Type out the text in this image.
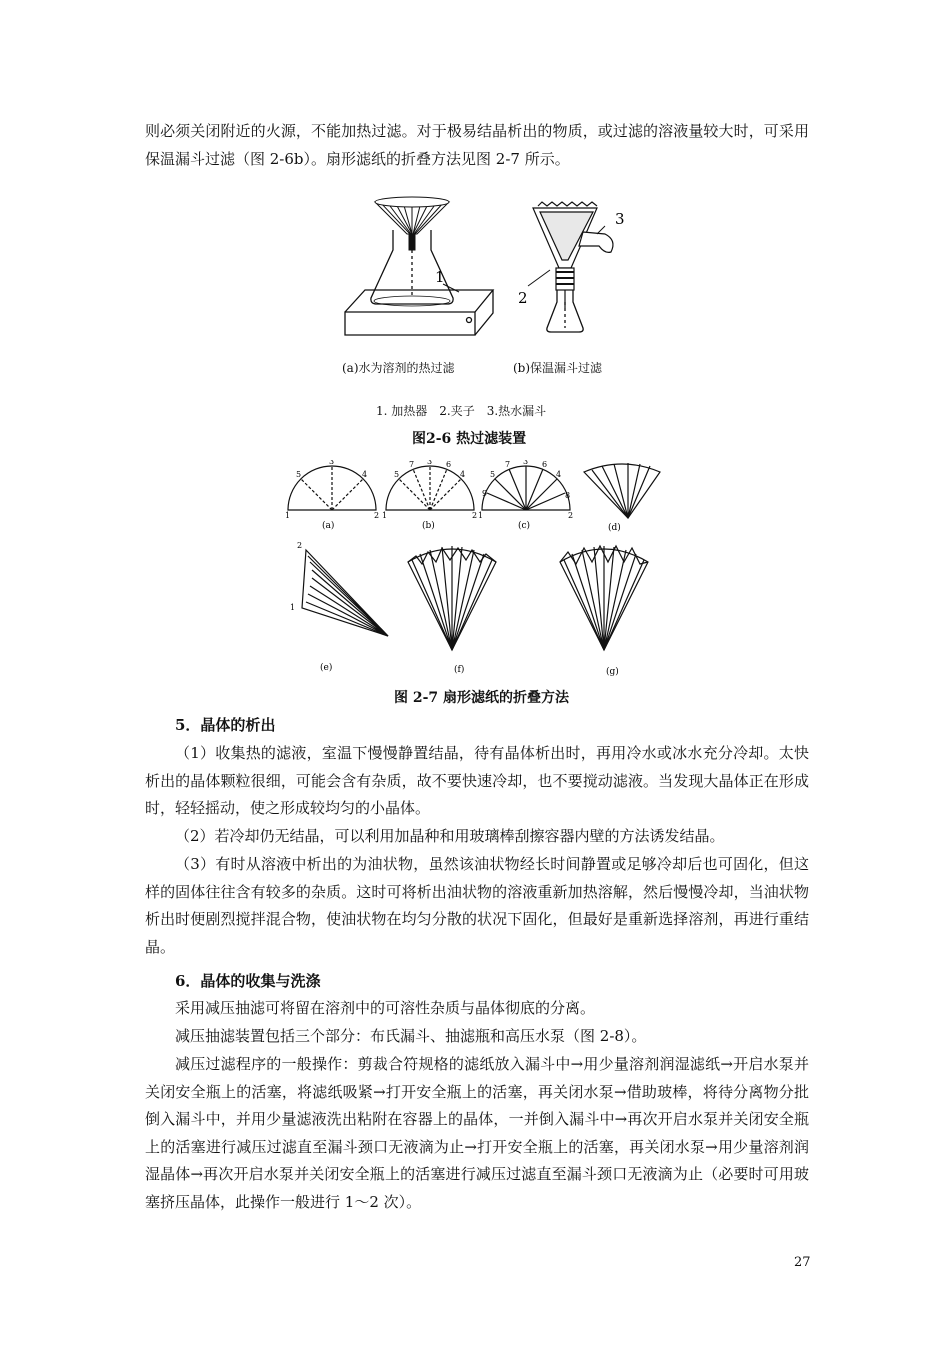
则必须关闭附近的火源，不能加热过滤。对于极易结晶析出的物质，或过滤的溶液量较大时，可采用保温漏斗过滤（图 2-6b）。扇形滤纸的折叠方法见图 2-7 所示。

1
3
2
(a)水为溶剂的热过滤	(b)保温漏斗过滤
1. 加热器　2.夹子　3.热水漏斗
图2-6 热过滤装置
1	2
3
4
5
1	2
3
4
5
6
7
1	2
3
4
5
6
7
8
9
2
1
(a)	(b)	(c)	(d)
(e)	(f)	(g)
图 2-7 扇形滤纸的折叠方法

5．晶体的析出

（1）收集热的滤液，室温下慢慢静置结晶，待有晶体析出时，再用冷水或冰水充分冷却。太快析出的晶体颗粒很细，可能会含有杂质，故不要快速冷却，也不要搅动滤液。当发现大晶体正在形成时，轻轻摇动，使之形成较均匀的小晶体。

（2）若冷却仍无结晶，可以利用加晶种和用玻璃棒刮擦容器内壁的方法诱发结晶。

（3）有时从溶液中析出的为油状物，虽然该油状物经长时间静置或足够冷却后也可固化，但这样的固体往往含有较多的杂质。这时可将析出油状物的溶液重新加热溶解，然后慢慢冷却，当油状物析出时便剧烈搅拌混合物，使油状物在均匀分散的状况下固化，但最好是重新选择溶剂，再进行重结晶。

6．晶体的收集与洗涤

采用减压抽滤可将留在溶剂中的可溶性杂质与晶体彻底的分离。

减压抽滤装置包括三个部分：布氏漏斗、抽滤瓶和高压水泵（图 2-8）。

减压过滤程序的一般操作：剪裁合符规格的滤纸放入漏斗中→用少量溶剂润湿滤纸→开启水泵并关闭安全瓶上的活塞，将滤纸吸紧→打开安全瓶上的活塞，再关闭水泵→借助玻棒，将待分离物分批倒入漏斗中，并用少量滤液洗出粘附在容器上的晶体，一并倒入漏斗中→再次开启水泵并关闭安全瓶上的活塞进行减压过滤直至漏斗颈口无液滴为止→打开安全瓶上的活塞，再关闭水泵→用少量溶剂润湿晶体→再次开启水泵并关闭安全瓶上的活塞进行减压过滤直至漏斗颈口无液滴为止（必要时可用玻塞挤压晶体，此操作一般进行 1～2 次）。

27
